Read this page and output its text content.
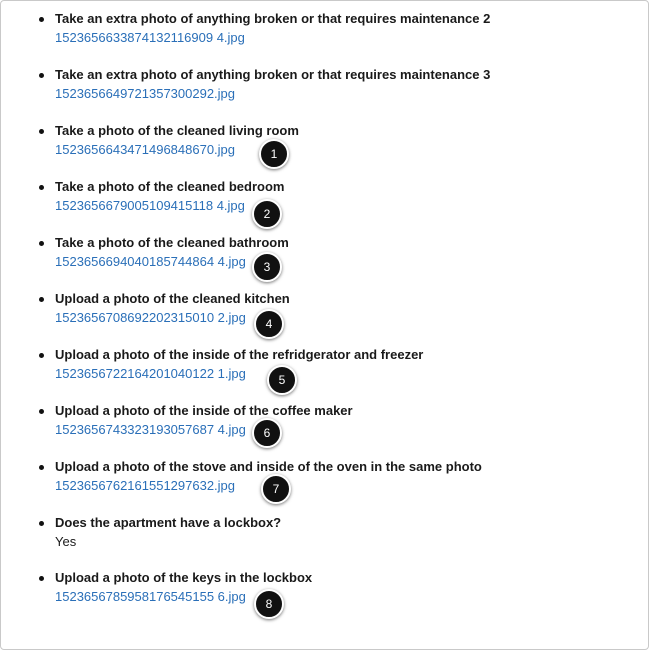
Take an extra photo of anything broken or that requires maintenance 2
1523656633874132116909 4.jpg
Take an extra photo of anything broken or that requires maintenance 3
1523656649721357300292.jpg
Take a photo of the cleaned living room
1523656643471496848670.jpg
Take a photo of the cleaned bedroom
1523656679005109415118 4.jpg
Take a photo of the cleaned bathroom
1523656694040185744864 4.jpg
Upload a photo of the cleaned kitchen
1523656708692202315010 2.jpg
Upload a photo of the inside of the refridgerator and freezer
1523656722164201040122 1.jpg
Upload a photo of the inside of the coffee maker
1523656743323193057687 4.jpg
Upload a photo of the stove and inside of the oven in the same photo
1523656762161551297632.jpg
Does the apartment have a lockbox?
Yes
Upload a photo of the keys in the lockbox
1523656785958176545155 6.jpg
1
2
3
4
5
6
7
8
